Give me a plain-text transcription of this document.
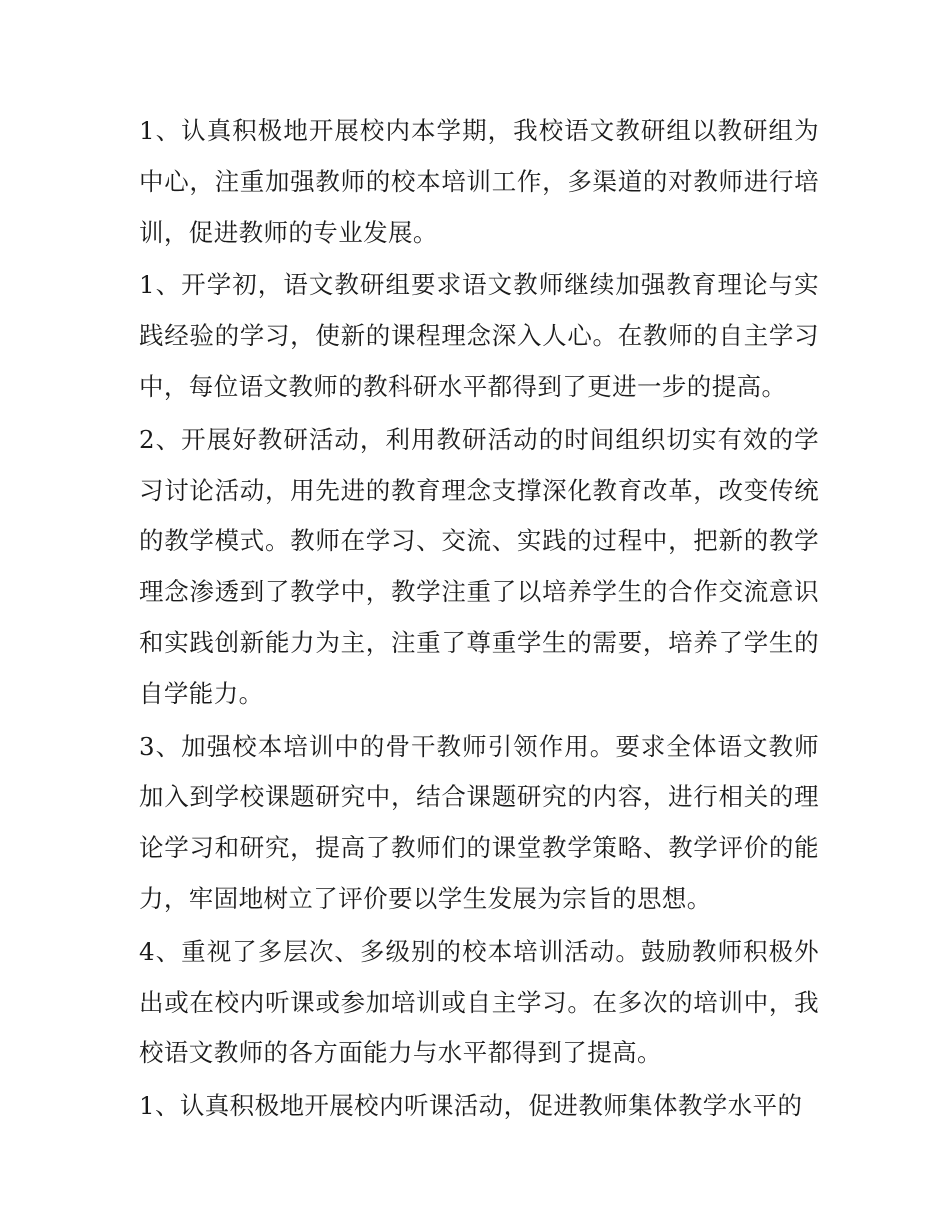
1、认真积极地开展校内本学期，我校语文教研组以教研组为中心，注重加强教师的校本培训工作，多渠道的对教师进行培训，促进教师的专业发展。

1、开学初，语文教研组要求语文教师继续加强教育理论与实践经验的学习，使新的课程理念深入人心。在教师的自主学习中，每位语文教师的教科研水平都得到了更进一步的提高。

2、开展好教研活动，利用教研活动的时间组织切实有效的学习讨论活动，用先进的教育理念支撑深化教育改革，改变传统的教学模式。教师在学习、交流、实践的过程中，把新的教学理念渗透到了教学中，教学注重了以培养学生的合作交流意识和实践创新能力为主，注重了尊重学生的需要，培养了学生的自学能力。

3、加强校本培训中的骨干教师引领作用。要求全体语文教师加入到学校课题研究中，结合课题研究的内容，进行相关的理论学习和研究，提高了教师们的课堂教学策略、教学评价的能力，牢固地树立了评价要以学生发展为宗旨的思想。

4、重视了多层次、多级别的校本培训活动。鼓励教师积极外出或在校内听课或参加培训或自主学习。在多次的培训中，我校语文教师的各方面能力与水平都得到了提高。

1、认真积极地开展校内听课活动，促进教师集体教学水平的
